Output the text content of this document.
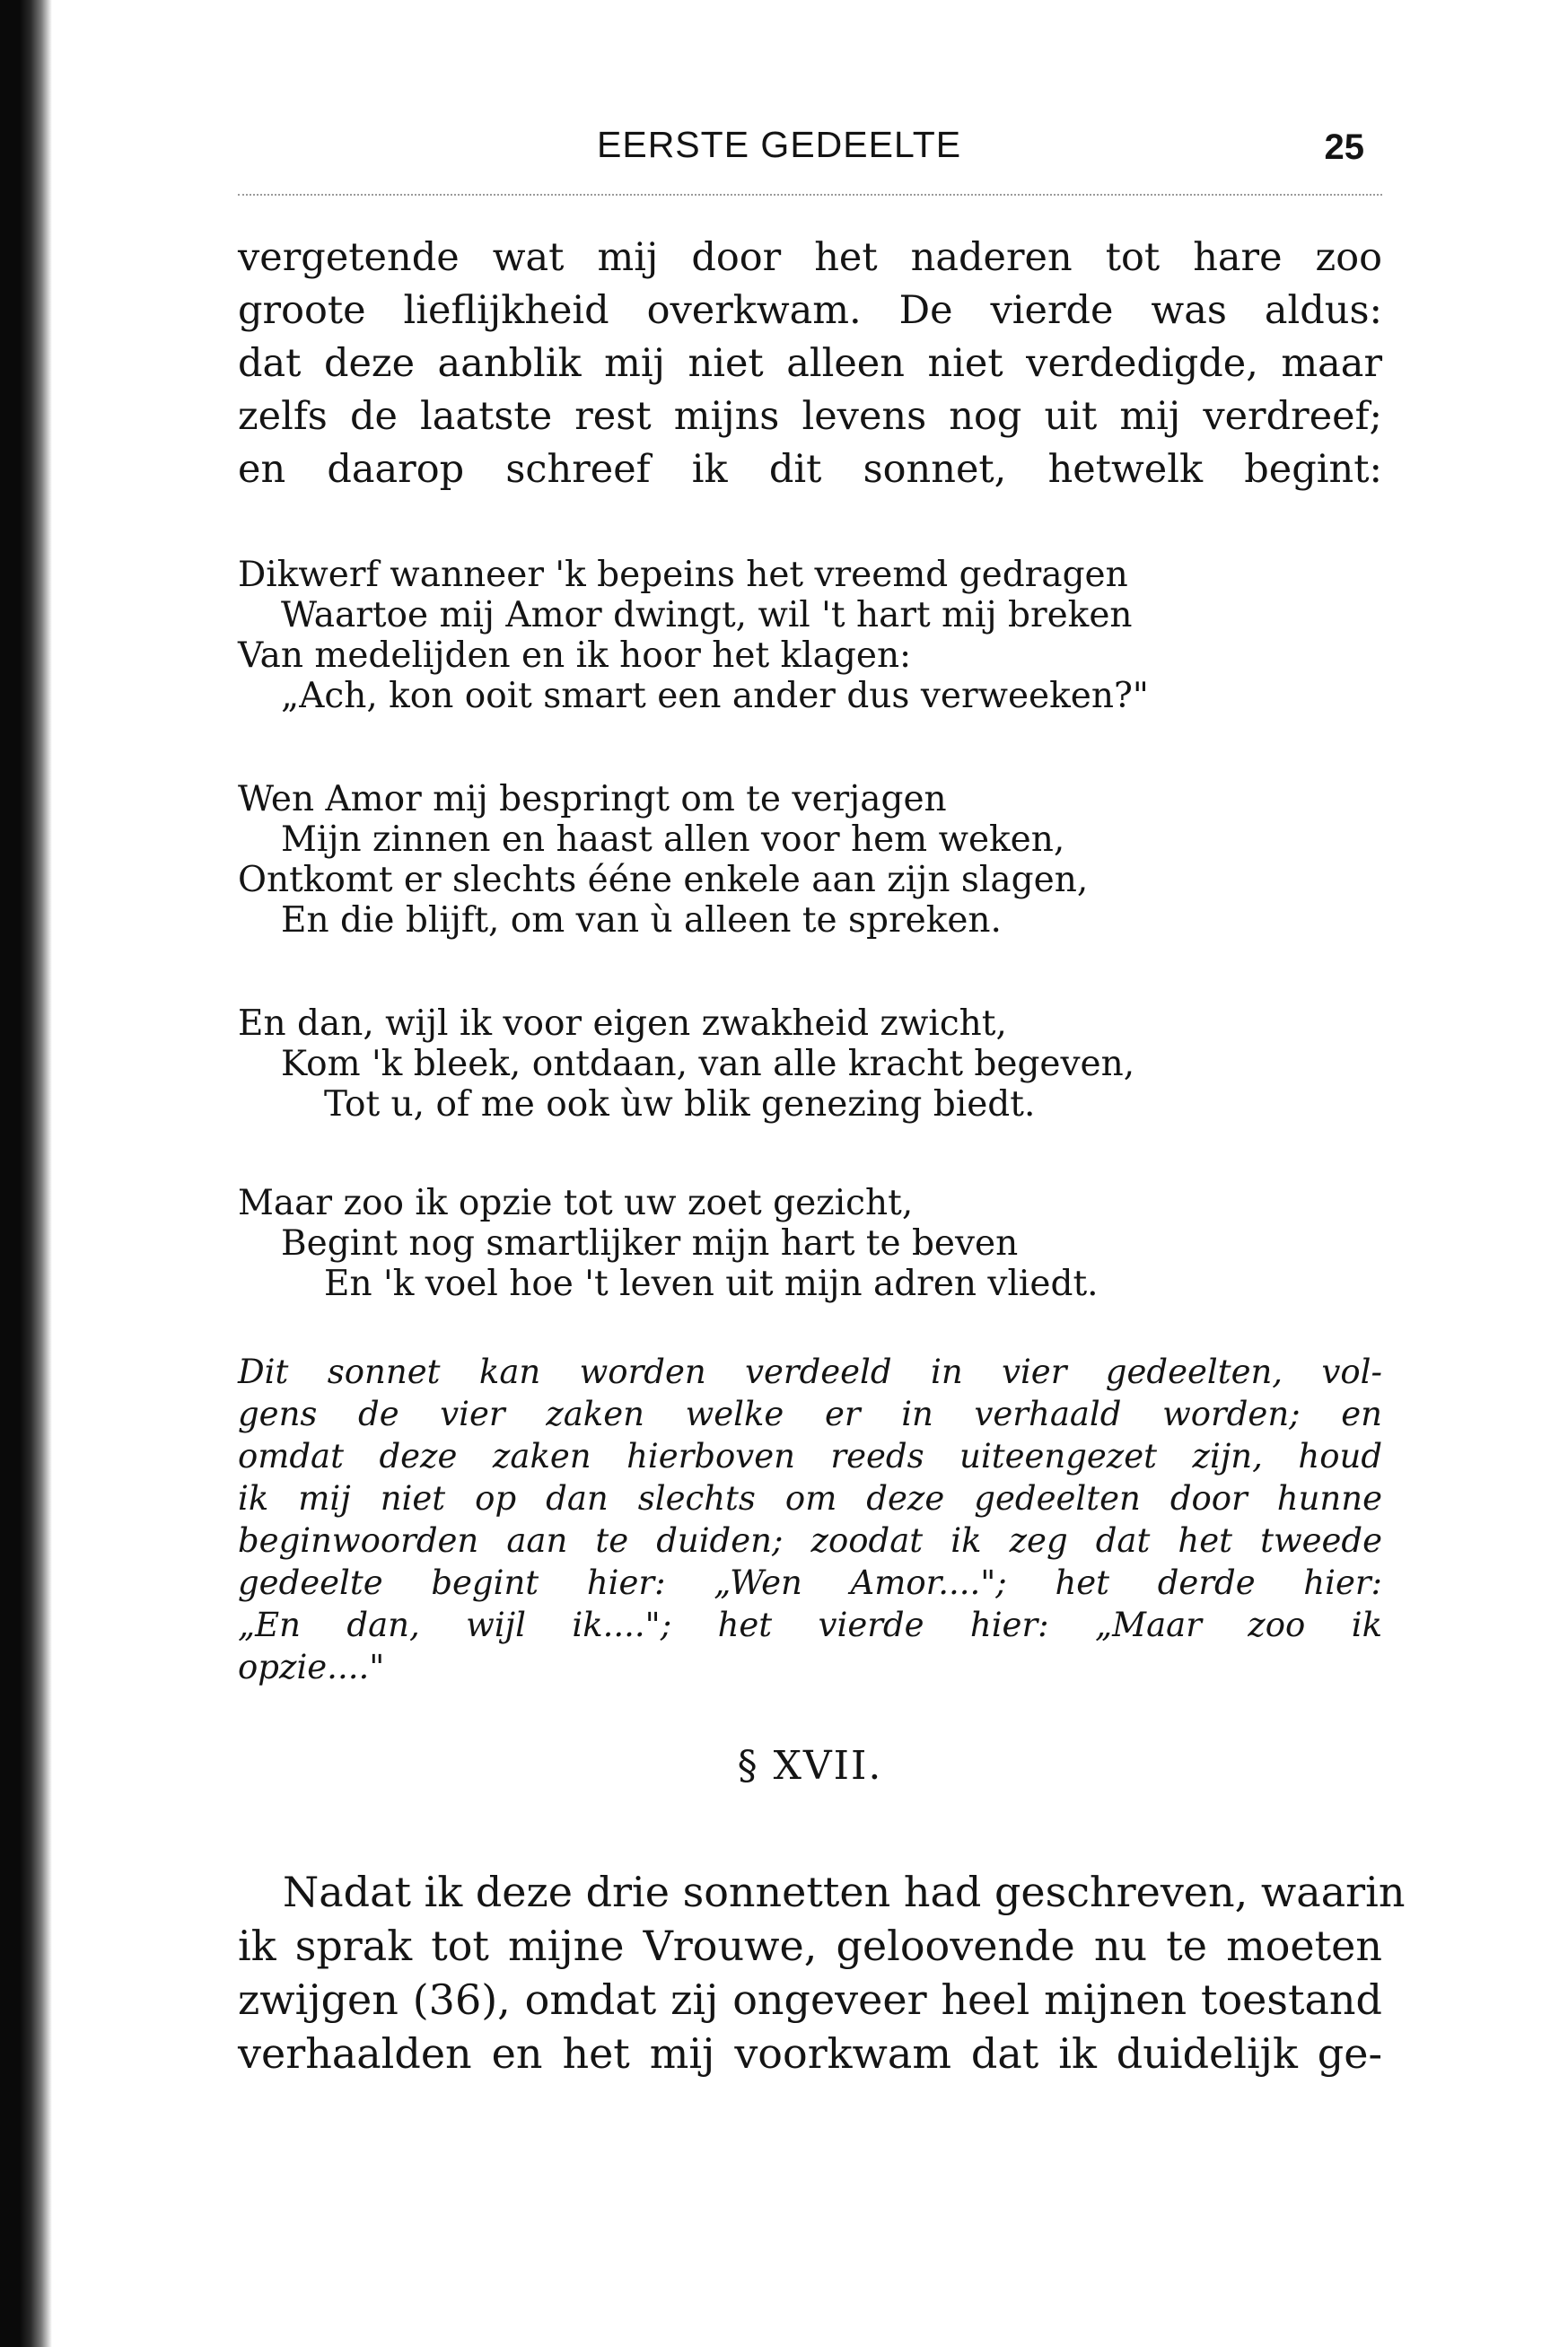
EERSTE GEDEELTE	25
vergetende wat mij door het naderen tot hare zoo
groote lieflijkheid overkwam. De vierde was aldus:
dat deze aanblik mij niet alleen niet verdedigde, maar
zelfs de laatste rest mijns levens nog uit mij verdreef;
en daarop schreef ik dit sonnet, hetwelk begint:
Dikwerf wanneer 'k bepeins het vreemd gedragen
Waartoe mij Amor dwingt, wil 't hart mij breken
Van medelijden en ik hoor het klagen:
„Ach, kon ooit smart een ander dus verweeken?"
Wen Amor mij bespringt om te verjagen
Mijn zinnen en haast allen voor hem weken,
Ontkomt er slechts ééne enkele aan zijn slagen,
En die blijft, om van ù alleen te spreken.
En dan, wijl ik voor eigen zwakheid zwicht,
Kom 'k bleek, ontdaan, van alle kracht begeven,
Tot u, of me ook ùw blik genezing biedt.
Maar zoo ik opzie tot uw zoet gezicht,
Begint nog smartlijker mijn hart te beven
En 'k voel hoe 't leven uit mijn adren vliedt.
Dit sonnet kan worden verdeeld in vier gedeelten, vol-
gens de vier zaken welke er in verhaald worden; en
omdat deze zaken hierboven reeds uiteengezet zijn, houd
ik mij niet op dan slechts om deze gedeelten door hunne
beginwoorden aan te duiden; zoodat ik zeg dat het tweede
gedeelte begint hier: „Wen Amor...."; het derde hier:
„En dan, wijl ik...."; het vierde hier: „Maar zoo ik
opzie...."
§ XVII.
Nadat ik deze drie sonnetten had geschreven, waarin
ik sprak tot mijne Vrouwe, geloovende nu te moeten
zwijgen (36), omdat zij ongeveer heel mijnen toestand
verhaalden en het mij voorkwam dat ik duidelijk ge-
